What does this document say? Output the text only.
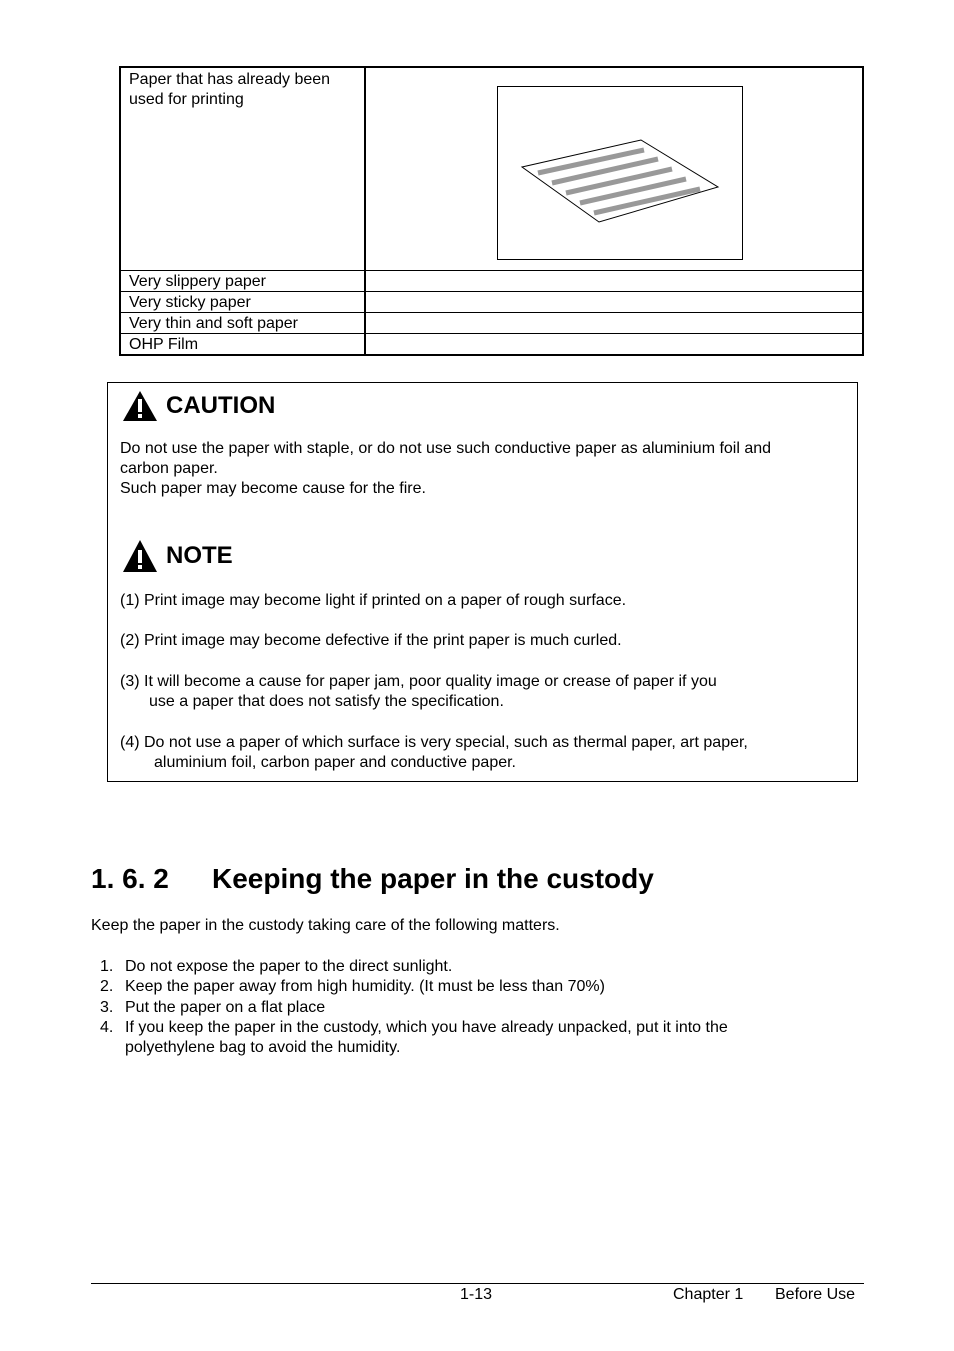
Paper that has already been
used for printing
Very slippery paper
Very sticky paper
Very thin and soft paper
OHP Film
CAUTION
Do not use the paper with staple, or do not use such conductive paper as aluminium foil and
carbon paper.
Such paper may become cause for the fire.
NOTE
(1) Print image may become light if printed on a paper of rough surface.
(2) Print image may become defective if the print paper is much curled.
(3) It will become a cause for paper jam, poor quality image or crease of paper if you
use a paper that does not satisfy the specification.
(4) Do not use a paper of which surface is very special, such as thermal paper, art paper,
aluminium foil, carbon paper and conductive paper.
1. 6. 2 Keeping the paper in the custody
Keep the paper in the custody taking care of the following matters.
1. Do not expose the paper to the direct sunlight.
2. Keep the paper away from high humidity. (It must be less than 70%)
3. Put the paper on a flat place
4. If you keep the paper in the custody, which you have already unpacked, put it into the
polyethylene bag to avoid the humidity.
1-13	Chapter 1 Before Use
